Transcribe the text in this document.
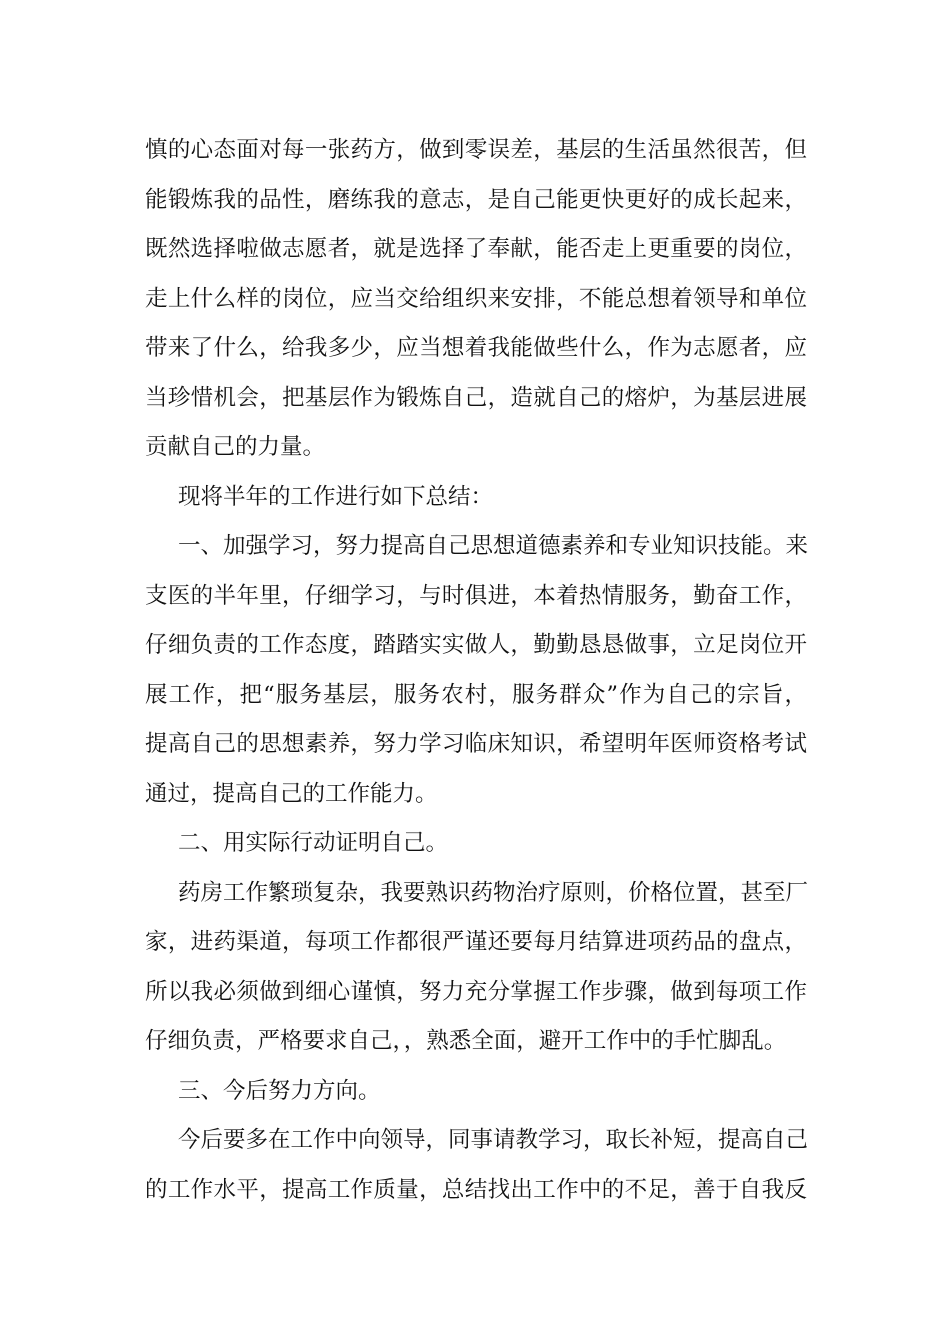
慎的心态面对每一张药方，做到零误差，基层的生活虽然很苦，但
能锻炼我的品性，磨练我的意志，是自己能更快更好的成长起来，
既然选择啦做志愿者，就是选择了奉献，能否走上更重要的岗位，
走上什么样的岗位，应当交给组织来安排，不能总想着领导和单位
带来了什么，给我多少，应当想着我能做些什么，作为志愿者，应
当珍惜机会，把基层作为锻炼自己，造就自己的熔炉，为基层进展
贡献自己的力量。
现将半年的工作进行如下总结：
一、加强学习，努力提高自己思想道德素养和专业知识技能。来
支医的半年里，仔细学习，与时俱进，本着热情服务，勤奋工作，
仔细负责的工作态度，踏踏实实做人，勤勤恳恳做事，立足岗位开
展工作，把“服务基层，服务农村，服务群众”作为自己的宗旨，
提高自己的思想素养，努力学习临床知识，希望明年医师资格考试
通过，提高自己的工作能力。
二、用实际行动证明自己。
药房工作繁琐复杂，我要熟识药物治疗原则，价格位置，甚至厂
家，进药渠道，每项工作都很严谨还要每月结算进项药品的盘点，
所以我必须做到细心谨慎，努力充分掌握工作步骤，做到每项工作
仔细负责，严格要求自己，，熟悉全面，避开工作中的手忙脚乱。
三、今后努力方向。
今后要多在工作中向领导，同事请教学习，取长补短，提高自己
的工作水平，提高工作质量，总结找出工作中的不足，善于自我反
